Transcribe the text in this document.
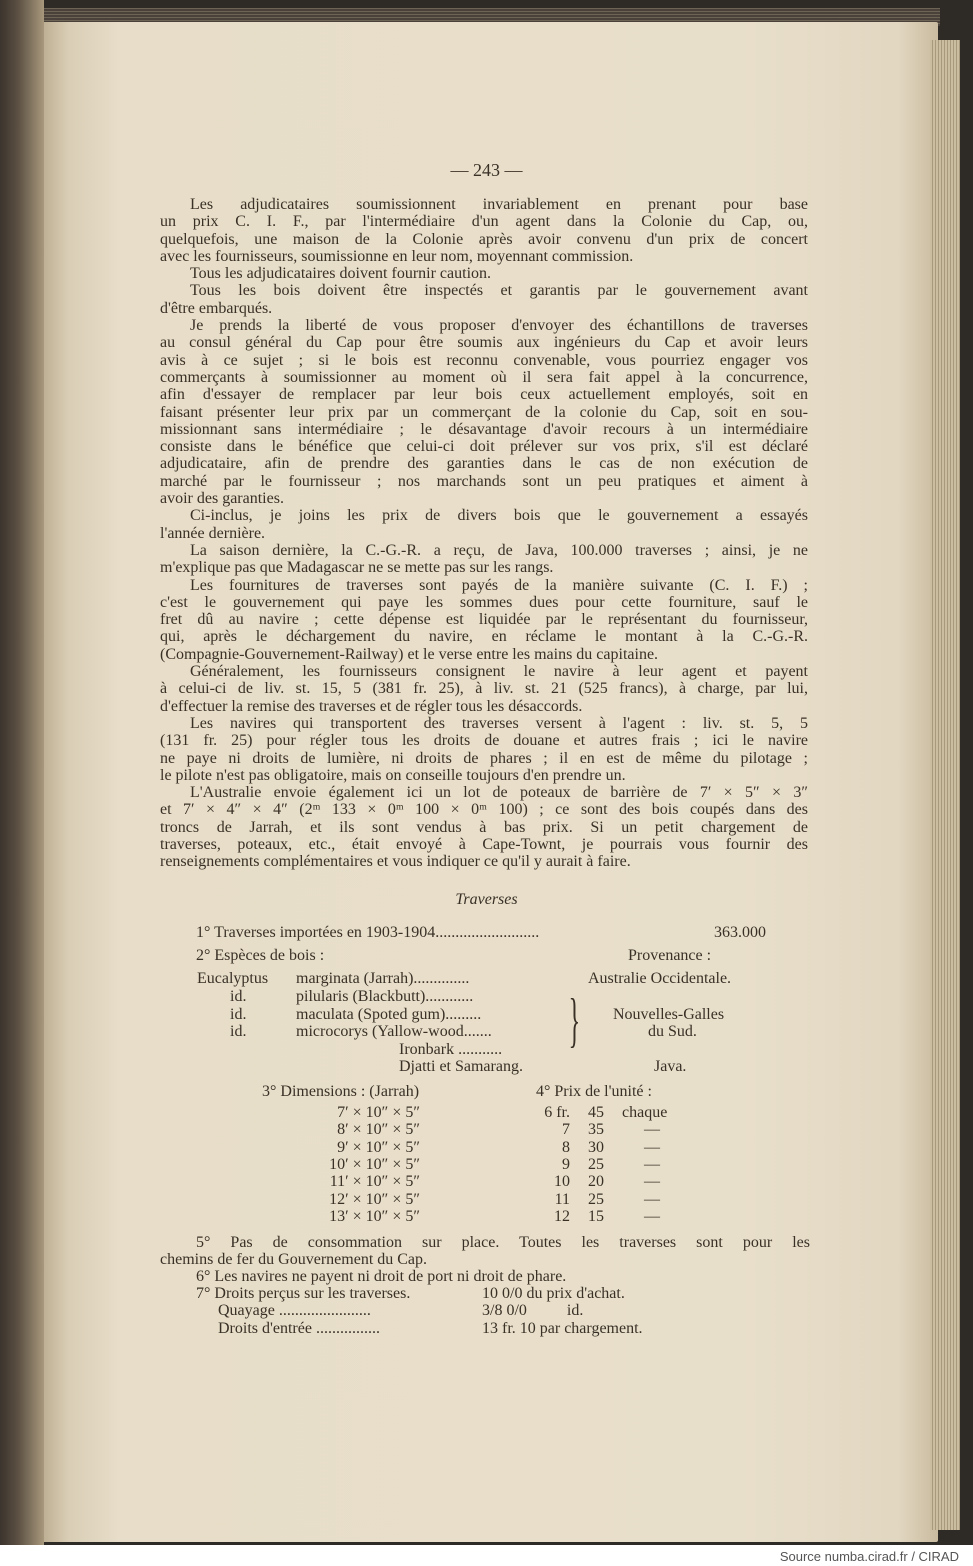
— 243 —
Les adjudicataires soumissionnent invariablement en prenant pour base
un prix C. I. F., par l'intermédiaire d'un agent dans la Colonie du Cap, ou,
quelquefois, une maison de la Colonie après avoir convenu d'un prix de concert
avec les fournisseurs, soumissionne en leur nom, moyennant commission.
Tous les adjudicataires doivent fournir caution.
Tous les bois doivent être inspectés et garantis par le gouvernement avant
d'être embarqués.
Je prends la liberté de vous proposer d'envoyer des échantillons de traverses
au consul général du Cap pour être soumis aux ingénieurs du Cap et avoir leurs
avis à ce sujet ; si le bois est reconnu convenable, vous pourriez engager vos
commerçants à soumissionner au moment où il sera fait appel à la concurrence,
afin d'essayer de remplacer par leur bois ceux actuellement employés, soit en
faisant présenter leur prix par un commerçant de la colonie du Cap, soit en sou-
missionnant sans intermédiaire ; le désavantage d'avoir recours à un intermédiaire
consiste dans le bénéfice que celui-ci doit prélever sur vos prix, s'il est déclaré
adjudicataire, afin de prendre des garanties dans le cas de non exécution de
marché par le fournisseur ; nos marchands sont un peu pratiques et aiment à
avoir des garanties.
Ci-inclus, je joins les prix de divers bois que le gouvernement a essayés
l'année dernière.
La saison dernière, la C.-G.-R. a reçu, de Java, 100.000 traverses ; ainsi, je ne
m'explique pas que Madagascar ne se mette pas sur les rangs.
Les fournitures de traverses sont payés de la manière suivante (C. I. F.) ;
c'est le gouvernement qui paye les sommes dues pour cette fourniture, sauf le
fret dû au navire ; cette dépense est liquidée par le représentant du fournisseur,
qui, après le déchargement du navire, en réclame le montant à la C.-G.-R.
(Compagnie-Gouvernement-Railway) et le verse entre les mains du capitaine.
Généralement, les fournisseurs consignent le navire à leur agent et payent
à celui-ci de liv. st. 15, 5 (381 fr. 25), à liv. st. 21 (525 francs), à charge, par lui,
d'effectuer la remise des traverses et de régler tous les désaccords.
Les navires qui transportent des traverses versent à l'agent : liv. st. 5, 5
(131 fr. 25) pour régler tous les droits de douane et autres frais ; ici le navire
ne paye ni droits de lumière, ni droits de phares ; il en est de même du pilotage ;
le pilote n'est pas obligatoire, mais on conseille toujours d'en prendre un.
L'Australie envoie également ici un lot de poteaux de barrière de 7′ × 5″ × 3″
et 7′ × 4″ × 4″ (2ᵐ 133 × 0ᵐ 100 × 0ᵐ 100) ; ce sont des bois coupés dans des
troncs de Jarrah, et ils sont vendus à bas prix. Si un petit chargement de
traverses, poteaux, etc., était envoyé à Cape-Townt, je pourrais vous fournir des
renseignements complémentaires et vous indiquer ce qu'il y aurait à faire.
Traverses
1° Traverses importées en 1903-1904..........................	363.000
2° Espèces de bois :	Provenance :
Eucalyptus marginata (Jarrah)..............	Australie Occidentale.
id.	pilularis (Blackbutt)............
id.	maculata (Spoted gum).........	Nouvelles-Galles
id.	microcorys (Yallow-wood.......	du Sud.
Ironbark ...........
Djatti et Samarang.	Java.
}
3° Dimensions : (Jarrah)	4° Prix de l'unité :
7′ × 10″ × 5″	6 fr. 45	chaque
8′ × 10″ × 5″	7 35	—
9′ × 10″ × 5″	8 30	—
10′ × 10″ × 5″	9 25	—
11′ × 10″ × 5″	10 20	—
12′ × 10″ × 5″	11 25	—
13′ × 10″ × 5″	12 15	—
5° Pas de consommation sur place. Toutes les traverses sont pour les
chemins de fer du Gouvernement du Cap.
6° Les navires ne payent ni droit de port ni droit de phare.
7° Droits perçus sur les traverses.	10 0/0 du prix d'achat.
Quayage .......................	3/8 0/0          id.
Droits d'entrée ................	13 fr. 10 par chargement.
Source numba.cirad.fr / CIRAD
